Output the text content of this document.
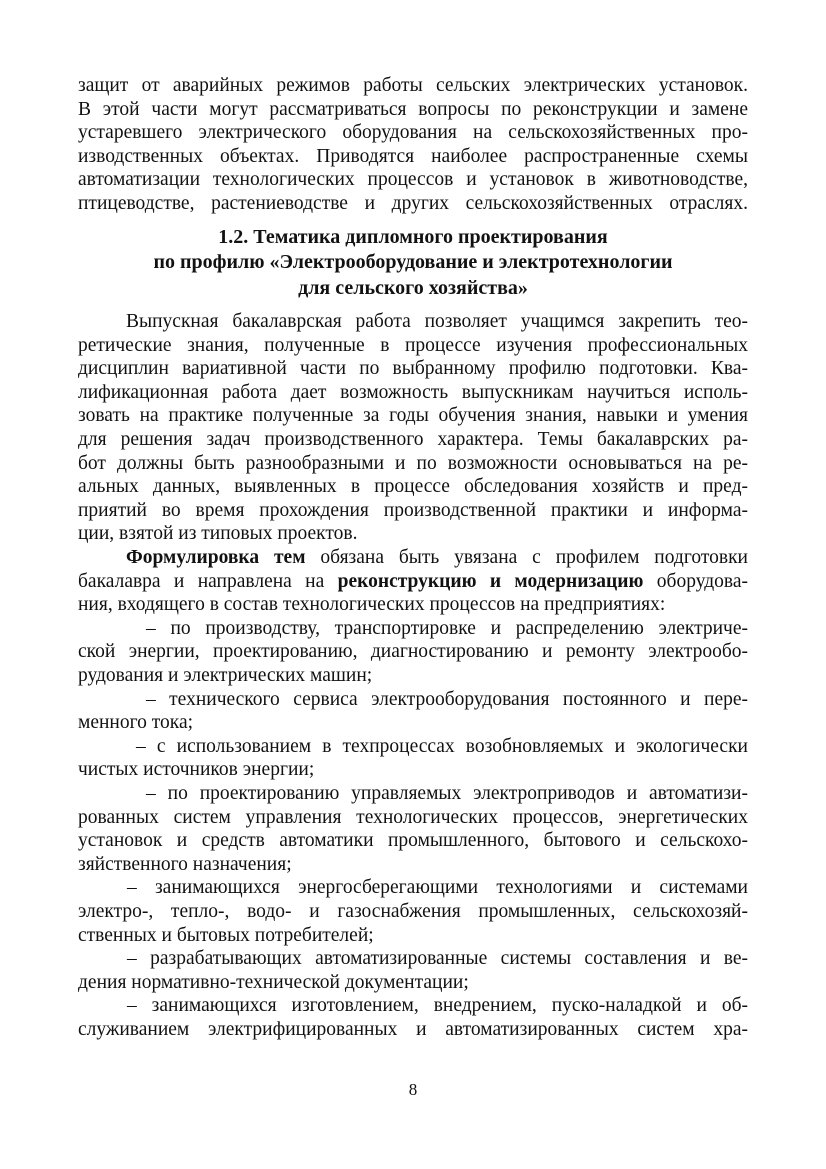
защит от аварийных режимов работы сельских электрических установок.
В этой части могут рассматриваться вопросы по реконструкции и замене
устаревшего электрического оборудования на сельскохозяйственных про-
изводственных объектах. Приводятся наиболее распространенные схемы
автоматизации технологических процессов и установок в животноводстве,
птицеводстве, растениеводстве и других сельскохозяйственных отраслях.
1.2. Тематика дипломного проектирования
по профилю «Электрооборудование и электротехнологии
для сельского хозяйства»
Выпускная бакалаврская работа позволяет учащимся закрепить тео-
ретические знания, полученные в процессе изучения профессиональных
дисциплин вариативной части по выбранному профилю подготовки. Ква-
лификационная работа дает возможность выпускникам научиться исполь-
зовать на практике полученные за годы обучения знания, навыки и умения
для решения задач производственного характера. Темы бакалаврских ра-
бот должны быть разнообразными и по возможности основываться на ре-
альных данных, выявленных в процессе обследования хозяйств и пред-
приятий во время прохождения производственной практики и информа-
ции, взятой из типовых проектов.
Формулировка тем обязана быть увязана с профилем подготовки
бакалавра и направлена на реконструкцию и модернизацию оборудова-
ния, входящего в состав технологических процессов на предприятиях:
– по производству, транспортировке и распределению электриче-
ской энергии, проектированию, диагностированию и ремонту электрообо-
рудования и электрических машин;
– технического сервиса электрооборудования постоянного и пере-
менного тока;
– с использованием в техпроцессах возобновляемых и экологически
чистых источников энергии;
– по проектированию управляемых электроприводов и автоматизи-
рованных систем управления технологических процессов, энергетических
установок и средств автоматики промышленного, бытового и сельскохо-
зяйственного назначения;
– занимающихся энергосберегающими технологиями и системами
электро-, тепло-, водо- и газоснабжения промышленных, сельскохозяй-
ственных и бытовых потребителей;
– разрабатывающих автоматизированные системы составления и ве-
дения нормативно-технической документации;
– занимающихся изготовлением, внедрением, пуско-наладкой и об-
служиванием электрифицированных и автоматизированных систем хра-
8
